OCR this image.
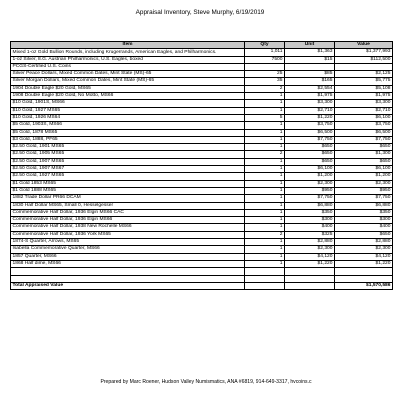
Appraisal Inventory, Steve Murphy, 6/19/2019
Item	Qty	Unit	Value
Mixed 1-oz Gold Bullion Rounds, including Krugerrands, American Eagles, and Philharmonics.	1,011	$1,363	$1,377,993
1-oz Silver, 8.G. Austrian Philharmonics, U.S. Eagles, boxed	7500	$15	$112,500
PCGS-Certified U.S. Coins			
Silver Peace Dollars, Mixed Common Dates, Mint State (MS)-65	25	$85	$2,125
Silver Morgan Dollars, Mixed Common Dates, Mint State (MS)-65	35	$165	$5,775
1904 Double Eagle $20 Gold, MS65	2	$2,554	$5,108
1908 Double Eagle $20 Gold, No Motto, MS66	1	$1,975	$1,975
$10 Gold, 1901S, MS66	1	$3,300	$3,300
$10 Gold, 1927 MS65	1	$2,710	$2,710
$10 Gold, 1926 MS64	5	$1,220	$6,100
$5 Gold, 1903S, MS66	1	$3,750	$3,750
$5 Gold, 1878 MS65	1	$6,500	$6,500
$3 Gold, 1888, PF65	1	$7,750	$7,750
$2.50 Gold, 1901 MS65	1	$650	$650
$2.50 Gold, 1905 MS65	2	$650	$1,300
$2.50 Gold, 1907 MS65	1	$650	$650
$2.50 Gold, 1907 MS67	1	$6,100	$6,100
$2.50 Gold, 1927 MS65	1	$1,200	$1,200
$1 Gold 1853 MS65	1	$2,300	$2,300
$1 Gold 1888 MS65	1	$950	$950
1882 Trade Dollar PR66 DCAM	1	$7,750	$7,750
1830 Half Dollar MS65, Small 0, Hesselgesser	1	$6,880	$6,880
Commemorative Half Dollar, 1936 Elgin MS66 CAC	1	$350	$350
Commemorative Half Dollar, 1936 Elgin MS66	1	$300	$300
Commemorative Half Dollar, 1938 New Rochelle MS66	1	$400	$400
Commemorative Half Dollar, 1936 York MS65	2	$325	$650
1874-S Quarter, Arrows, MS65	1	$2,880	$2,880
Isabella Commemorative Quarter, MS66	1	$2,300	$2,300
1857 Quarter, MS66	1	$4,120	$4,120
1868 Half dime, MS66	1	$1,220	$1,220

Total Appraised Value			$1,570,586
Prepared by Marc Roener, Hudson Valley Numismatics, ANA #6819, 914-649-3317, hvcoins.c
